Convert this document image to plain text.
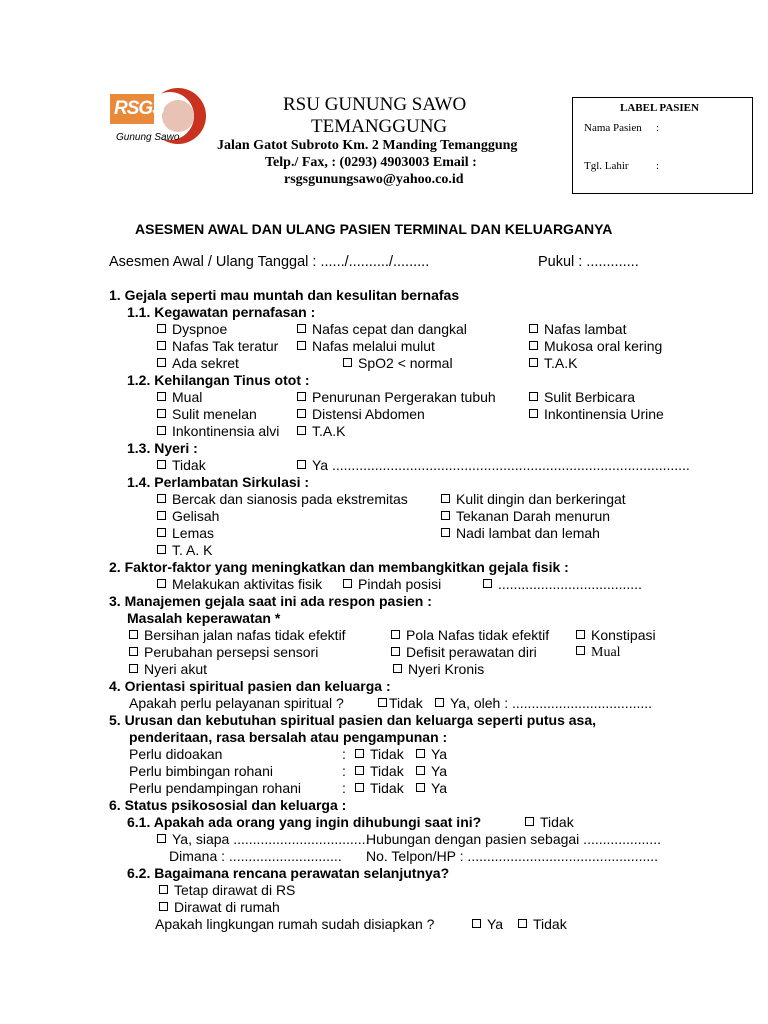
RSGS
Gunung Sawo
RSU GUNUNG SAWO
TEMANGGUNG
Jalan Gatot Subroto Km. 2 Manding Temanggung
Telp./ Fax, : (0293) 4903003 Email :
rsgsgunungsawo@yahoo.co.id
LABEL PASIEN
Nama Pasien :
Tgl. Lahir :
ASESMEN AWAL DAN ULANG PASIEN TERMINAL DAN KELUARGANYA
Asesmen Awal / Ulang Tanggal : ....../........../.........	Pukul : .............
1. Gejala seperti mau muntah dan kesulitan bernafas
1.1. Kegawatan pernafasan :
Dyspnoe	Nafas cepat dan dangkal	Nafas lambat
Nafas Tak teratur	Nafas melalui mulut	Mukosa oral kering
Ada sekret	SpO2 < normal	T.A.K
1.2. Kehilangan Tinus otot :
Mual	Penurunan Pergerakan tubuh	Sulit Berbicara
Sulit menelan	Distensi Abdomen	Inkontinensia Urine
Inkontinensia alvi	T.A.K
1.3. Nyeri :
Tidak	Ya ............................................................................................
1.4. Perlambatan Sirkulasi :
Bercak dan sianosis pada ekstremitas	Kulit dingin dan berkeringat
Gelisah	Tekanan Darah menurun
Lemas	Nadi lambat dan lemah
T. A. K
2. Faktor-faktor yang meningkatkan dan membangkitkan gejala fisik :
Melakukan aktivitas fisik	Pindah posisi	.....................................
3. Manajemen gejala saat ini ada respon pasien :
Masalah keperawatan *
Bersihan jalan nafas tidak efektif	Pola Nafas tidak efektif	Konstipasi
Perubahan persepsi sensori	Defisit perawatan diri	Mual
Nyeri akut	Nyeri Kronis
4. Orientasi spiritual pasien dan keluarga :
Apakah perlu pelayanan spiritual ?	Tidak	Ya, oleh : ....................................
5. Urusan dan kebutuhan spiritual pasien dan keluarga seperti putus asa,
penderitaan, rasa bersalah atau pengampunan :
Perlu didoakan	:	Tidak	Ya
Perlu bimbingan rohani	:	Tidak	Ya
Perlu pendampingan rohani	:	Tidak	Ya
6. Status psikososial dan keluarga :
6.1. Apakah ada orang yang ingin dihubungi saat ini?	Tidak
Ya, siapa ...................................
Hubungan dengan pasien sebagai ....................
Dimana : ............................. No. Telpon/HP : .................................................
6.2. Bagaimana rencana perawatan selanjutnya?
Tetap dirawat di RS
Dirawat di rumah
Apakah lingkungan rumah sudah disiapkan ?	Ya	Tidak
